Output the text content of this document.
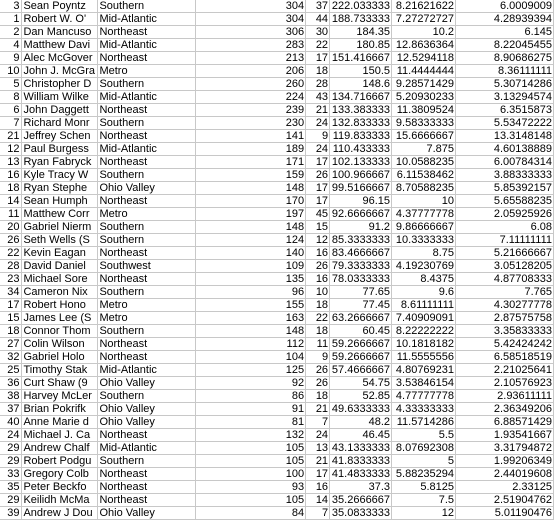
3	Sean Poyntz	Southern	304	37	222.033333	8.21621622	6.0009009
1	Robert W. O'	Mid-Atlantic	304	44	188.733333	7.27272727	4.28939394
2	Dan Mancuso	Northeast	306	30	184.35	10.2	6.145
4	Matthew Davi	Mid-Atlantic	283	22	180.85	12.8636364	8.22045455
9	Alec McGover	Northeast	213	17	151.416667	12.5294118	8.90686275
10	John J. McGra	Metro	206	18	150.5	11.4444444	8.36111111
5	Christopher D	Southern	260	28	148.6	9.28571429	5.30714286
8	William Wilke	Mid-Atlantic	224	43	134.716667	5.20930233	3.13294574
6	John Daggett	Northeast	239	21	133.383333	11.3809524	6.3515873
7	Richard Monr	Southern	230	24	132.833333	9.58333333	5.53472222
21	Jeffrey Schen	Northeast	141	9	119.833333	15.6666667	13.3148148
12	Paul Burgess	Mid-Atlantic	189	24	110.433333	7.875	4.60138889
13	Ryan Fabryck	Northeast	171	17	102.133333	10.0588235	6.00784314
16	Kyle Tracy W	Southern	159	26	100.966667	6.11538462	3.88333333
18	Ryan Stephe	Ohio Valley	148	17	99.5166667	8.70588235	5.85392157
14	Sean Humph	Northeast	170	17	96.15	10	5.65588235
11	Matthew Corr	Metro	197	45	92.6666667	4.37777778	2.05925926
20	Gabriel Nierm	Southern	148	15	91.2	9.86666667	6.08
26	Seth Wells (S	Southern	124	12	85.3333333	10.3333333	7.11111111
22	Kevin Eagan	Northeast	140	16	83.4666667	8.75	5.21666667
28	David Daniel	Southwest	109	26	79.3333333	4.19230769	3.05128205
23	Michael Sore	Northeast	135	16	78.0333333	8.4375	4.87708333
34	Cameron Nix	Southern	96	10	77.65	9.6	7.765
17	Robert Hono	Metro	155	18	77.45	8.61111111	4.30277778
15	James Lee (S	Metro	163	22	63.2666667	7.40909091	2.87575758
18	Connor Thom	Southern	148	18	60.45	8.22222222	3.35833333
27	Colin Wilson	Northeast	112	11	59.2666667	10.1818182	5.42424242
32	Gabriel Holo	Northeast	104	9	59.2666667	11.5555556	6.58518519
25	Timothy Stak	Mid-Atlantic	125	26	57.4666667	4.80769231	2.21025641
36	Curt Shaw (9	Ohio Valley	92	26	54.75	3.53846154	2.10576923
38	Harvey McLer	Southern	86	18	52.85	4.77777778	2.93611111
37	Brian Pokrifk	Ohio Valley	91	21	49.6333333	4.33333333	2.36349206
40	Anne Marie d	Ohio Valley	81	7	48.2	11.5714286	6.88571429
24	Michael J. Ca	Northeast	132	24	46.45	5.5	1.93541667
29	Andrew Chalf	Mid-Atlantic	105	13	43.1333333	8.07692308	3.31794872
29	Robert Podgu	Southern	105	21	41.8333333	5	1.99206349
33	Gregory Colb	Northeast	100	17	41.4833333	5.88235294	2.44019608
35	Peter Beckfo	Northeast	93	16	37.3	5.8125	2.33125
29	Keilidh McMa	Northeast	105	14	35.2666667	7.5	2.51904762
39	Andrew J Dou	Ohio Valley	84	7	35.0833333	12	5.01190476
